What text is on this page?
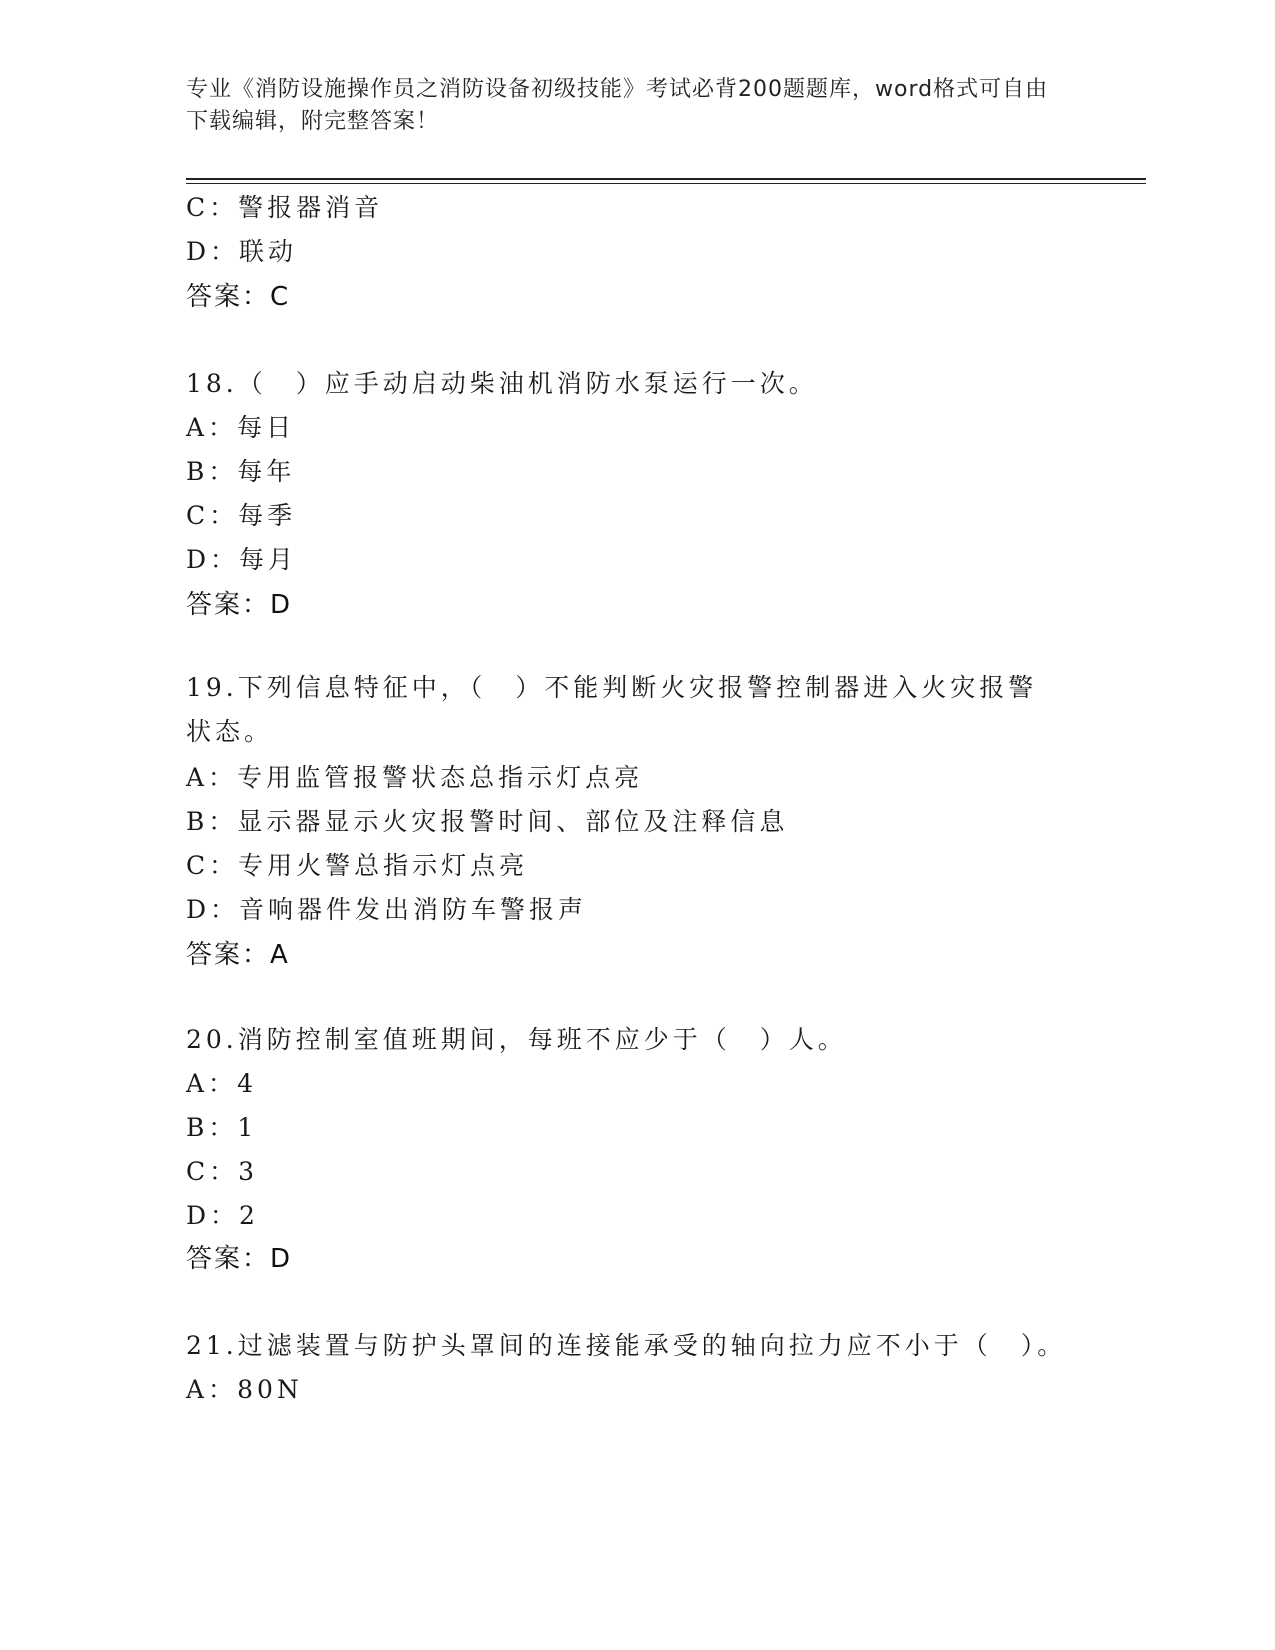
专业《消防设施操作员之消防设备初级技能》考试必背200题题库，word格式可自由下载编辑，附完整答案！
C：警报器消音
D：联动
答案：C
18.（　）应手动启动柴油机消防水泵运行一次。
A：每日
B：每年
C：每季
D：每月
答案：D
19.下列信息特征中，（　）不能判断火灾报警控制器进入火灾报警状态。
A：专用监管报警状态总指示灯点亮
B：显示器显示火灾报警时间、部位及注释信息
C：专用火警总指示灯点亮
D：音响器件发出消防车警报声
答案：A
20.消防控制室值班期间，每班不应少于（　）人。
A：4
B：1
C：3
D：2
答案：D
21.过滤装置与防护头罩间的连接能承受的轴向拉力应不小于（　）。
A：80N
